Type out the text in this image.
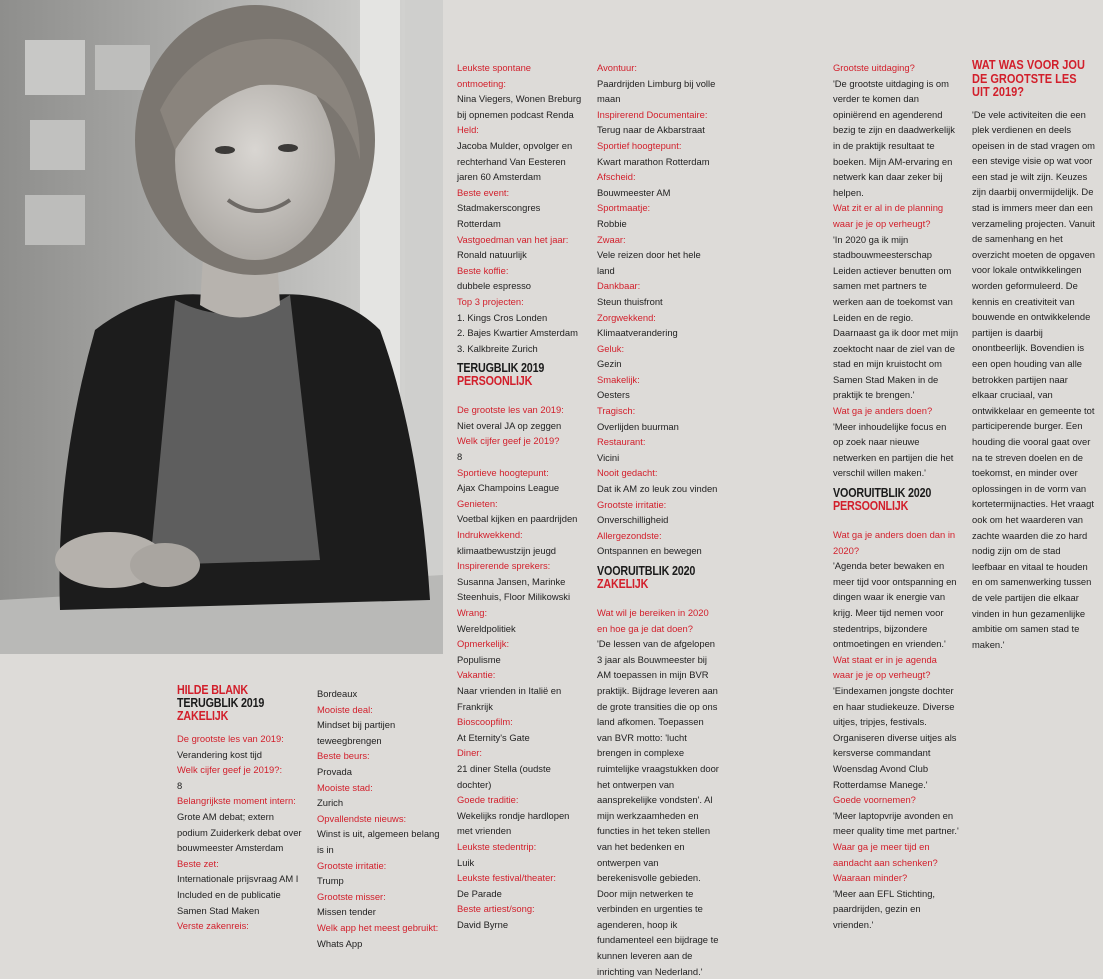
HILDE BLANK
TERUGBLIK 2019
ZAKELIJK
De grootste les van 2019:
Verandering kost tijd
Welk cijfer geef je 2019?:
8
Belangrijkste moment intern:
Grote AM debat; extern podium Zuiderkerk debat over bouwmeester Amsterdam
Beste zet:
Internationale prijsvraag AM I Included en de publicatie Samen Stad Maken
Verste zakenreis:
Bordeaux
Mooiste deal:
Mindset bij partijen teweegbrengen
Beste beurs:
Provada
Mooiste stad:
Zurich
Opvallendste nieuws:
Winst is uit, algemeen belang is in
Grootste irritatie:
Trump
Grootste misser:
Missen tender
Welk app het meest gebruikt:
Whats App
Leukste spontane ontmoeting:
Nina Viegers, Wonen Breburg bij opnemen podcast Renda
Held:
Jacoba Mulder, opvolger en rechterhand Van Eesteren jaren 60 Amsterdam
Beste event:
Stadmakerscongres Rotterdam
Vastgoedman van het jaar:
Ronald natuurlijk
Beste koffie:
dubbele espresso
Top 3 projecten:
1. Kings Cros Londen
2. Bajes Kwartier Amsterdam
3. Kalkbreite Zurich
TERUGBLIK 2019
PERSOONLIJK
De grootste les van 2019:
Niet overal JA op zeggen
Welk cijfer geef je 2019?
8
Sportieve hoogtepunt:
Ajax Champoins League
Genieten:
Voetbal kijken en paardrijden
Indrukwekkend:
klimaatbewustzijn jeugd
Inspirerende sprekers:
Susanna Jansen, Marinke Steenhuis, Floor Milikowski
Wrang:
Wereldpolitiek
Opmerkelijk:
Populisme
Vakantie:
Naar vrienden in Italië en Frankrijk
Bioscoopfilm:
At Eternity's Gate
Diner:
21 diner Stella (oudste dochter)
Goede traditie:
Wekelijks rondje hardlopen met vrienden
Leukste stedentrip:
Luik
Leukste festival/theater:
De Parade
Beste artiest/song:
David Byrne
Avontuur:
Paardrijden Limburg bij volle maan
Inspirerend Documentaire:
Terug naar de Akbarstraat
Sportief hoogtepunt:
Kwart marathon Rotterdam
Afscheid:
Bouwmeester AM
Sportmaatje:
Robbie
Zwaar:
Vele reizen door het hele land
Dankbaar:
Steun thuisfront
Zorgwekkend:
Klimaatverandering
Geluk:
Gezin
Smakelijk:
Oesters
Tragisch:
Overlijden buurman
Restaurant:
Vicini
Nooit gedacht:
Dat ik AM zo leuk zou vinden
Grootste irritatie:
Onverschilligheid
Allergezondste:
Ontspannen en bewegen
VOORUITBLIK 2020
ZAKELIJK
Wat wil je bereiken in 2020 en hoe ga je dat doen?
'De lessen van de afgelopen 3 jaar als Bouwmeester bij AM toepassen in mijn BVR praktijk. Bijdrage leveren aan de grote transities die op ons land afkomen. Toepassen van BVR motto: 'lucht brengen in complexe ruimtelijke vraagstukken door het ontwerpen van aansprekelijke vondsten'. Al mijn werkzaamheden en functies in het teken stellen van het bedenken en ontwerpen van berekenisvolle gebieden. Door mijn netwerken te verbinden en urgenties te agenderen, hoop ik fundamenteel een bijdrage te kunnen leveren aan de inrichting van Nederland.'
Grootste uitdaging?
'De grootste uitdaging is om verder te komen dan opiniërend en agenderend bezig te zijn en daadwerkelijk in de praktijk resultaat te boeken. Mijn AM-ervaring en netwerk kan daar zeker bij helpen.
Wat zit er al in de planning waar je je op verheugt?
'In 2020 ga ik mijn stadbouwmeesterschap Leiden actiever benutten om samen met partners te werken aan de toekomst van Leiden en de regio. Daarnaast ga ik door met mijn zoektocht naar de ziel van de stad en mijn kruistocht om Samen Stad Maken in de praktijk te brengen.'
Wat ga je anders doen?
'Meer inhoudelijke focus en op zoek naar nieuwe netwerken en partijen die het verschil willen maken.'
VOORUITBLIK 2020
PERSOONLIJK
Wat ga je anders doen dan in 2020?
'Agenda beter bewaken en meer tijd voor ontspanning en dingen waar ik energie van krijg. Meer tijd nemen voor stedentrips, bijzondere ontmoetingen en vrienden.'
Wat staat er in je agenda waar je je op verheugt?
'Eindexamen jongste dochter en haar studiekeuze. Diverse uitjes, tripjes, festivals. Organiseren diverse uitjes als kersverse commandant Woensdag Avond Club Rotterdamse Manege.'
Goede voornemen?
'Meer laptopvrije avonden en meer quality time met partner.'
Waar ga je meer tijd en aandacht aan schenken? Waaraan minder?
'Meer aan EFL Stichting, paardrijden, gezin en vrienden.'
WAT WAS VOOR JOU DE GROOTSTE LES UIT 2019?
'De vele activiteiten die een plek verdienen en deels opeisen in de stad vragen om een stevige visie op wat voor een stad je wilt zijn. Keuzes zijn daarbij onvermijdelijk. De stad is immers meer dan een verzameling projecten. Vanuit de samenhang en het overzicht moeten de opgaven voor lokale ontwikkelingen worden geformuleerd. De kennis en creativiteit van bouwende en ontwikkelende partijen is daarbij onontbeerlijk. Bovendien is een open houding van alle betrokken partijen naar elkaar cruciaal, van ontwikkelaar en gemeente tot participerende burger. Een houding die vooral gaat over na te streven doelen en de toekomst, en minder over oplossingen in de vorm van kortetermijnacties. Het vraagt ook om het waarderen van zachte waarden die zo hard nodig zijn om de stad leefbaar en vitaal te houden en om samenwerking tussen de vele partijen die elkaar vinden in hun gezamenlijke ambitie om samen stad te maken.'
